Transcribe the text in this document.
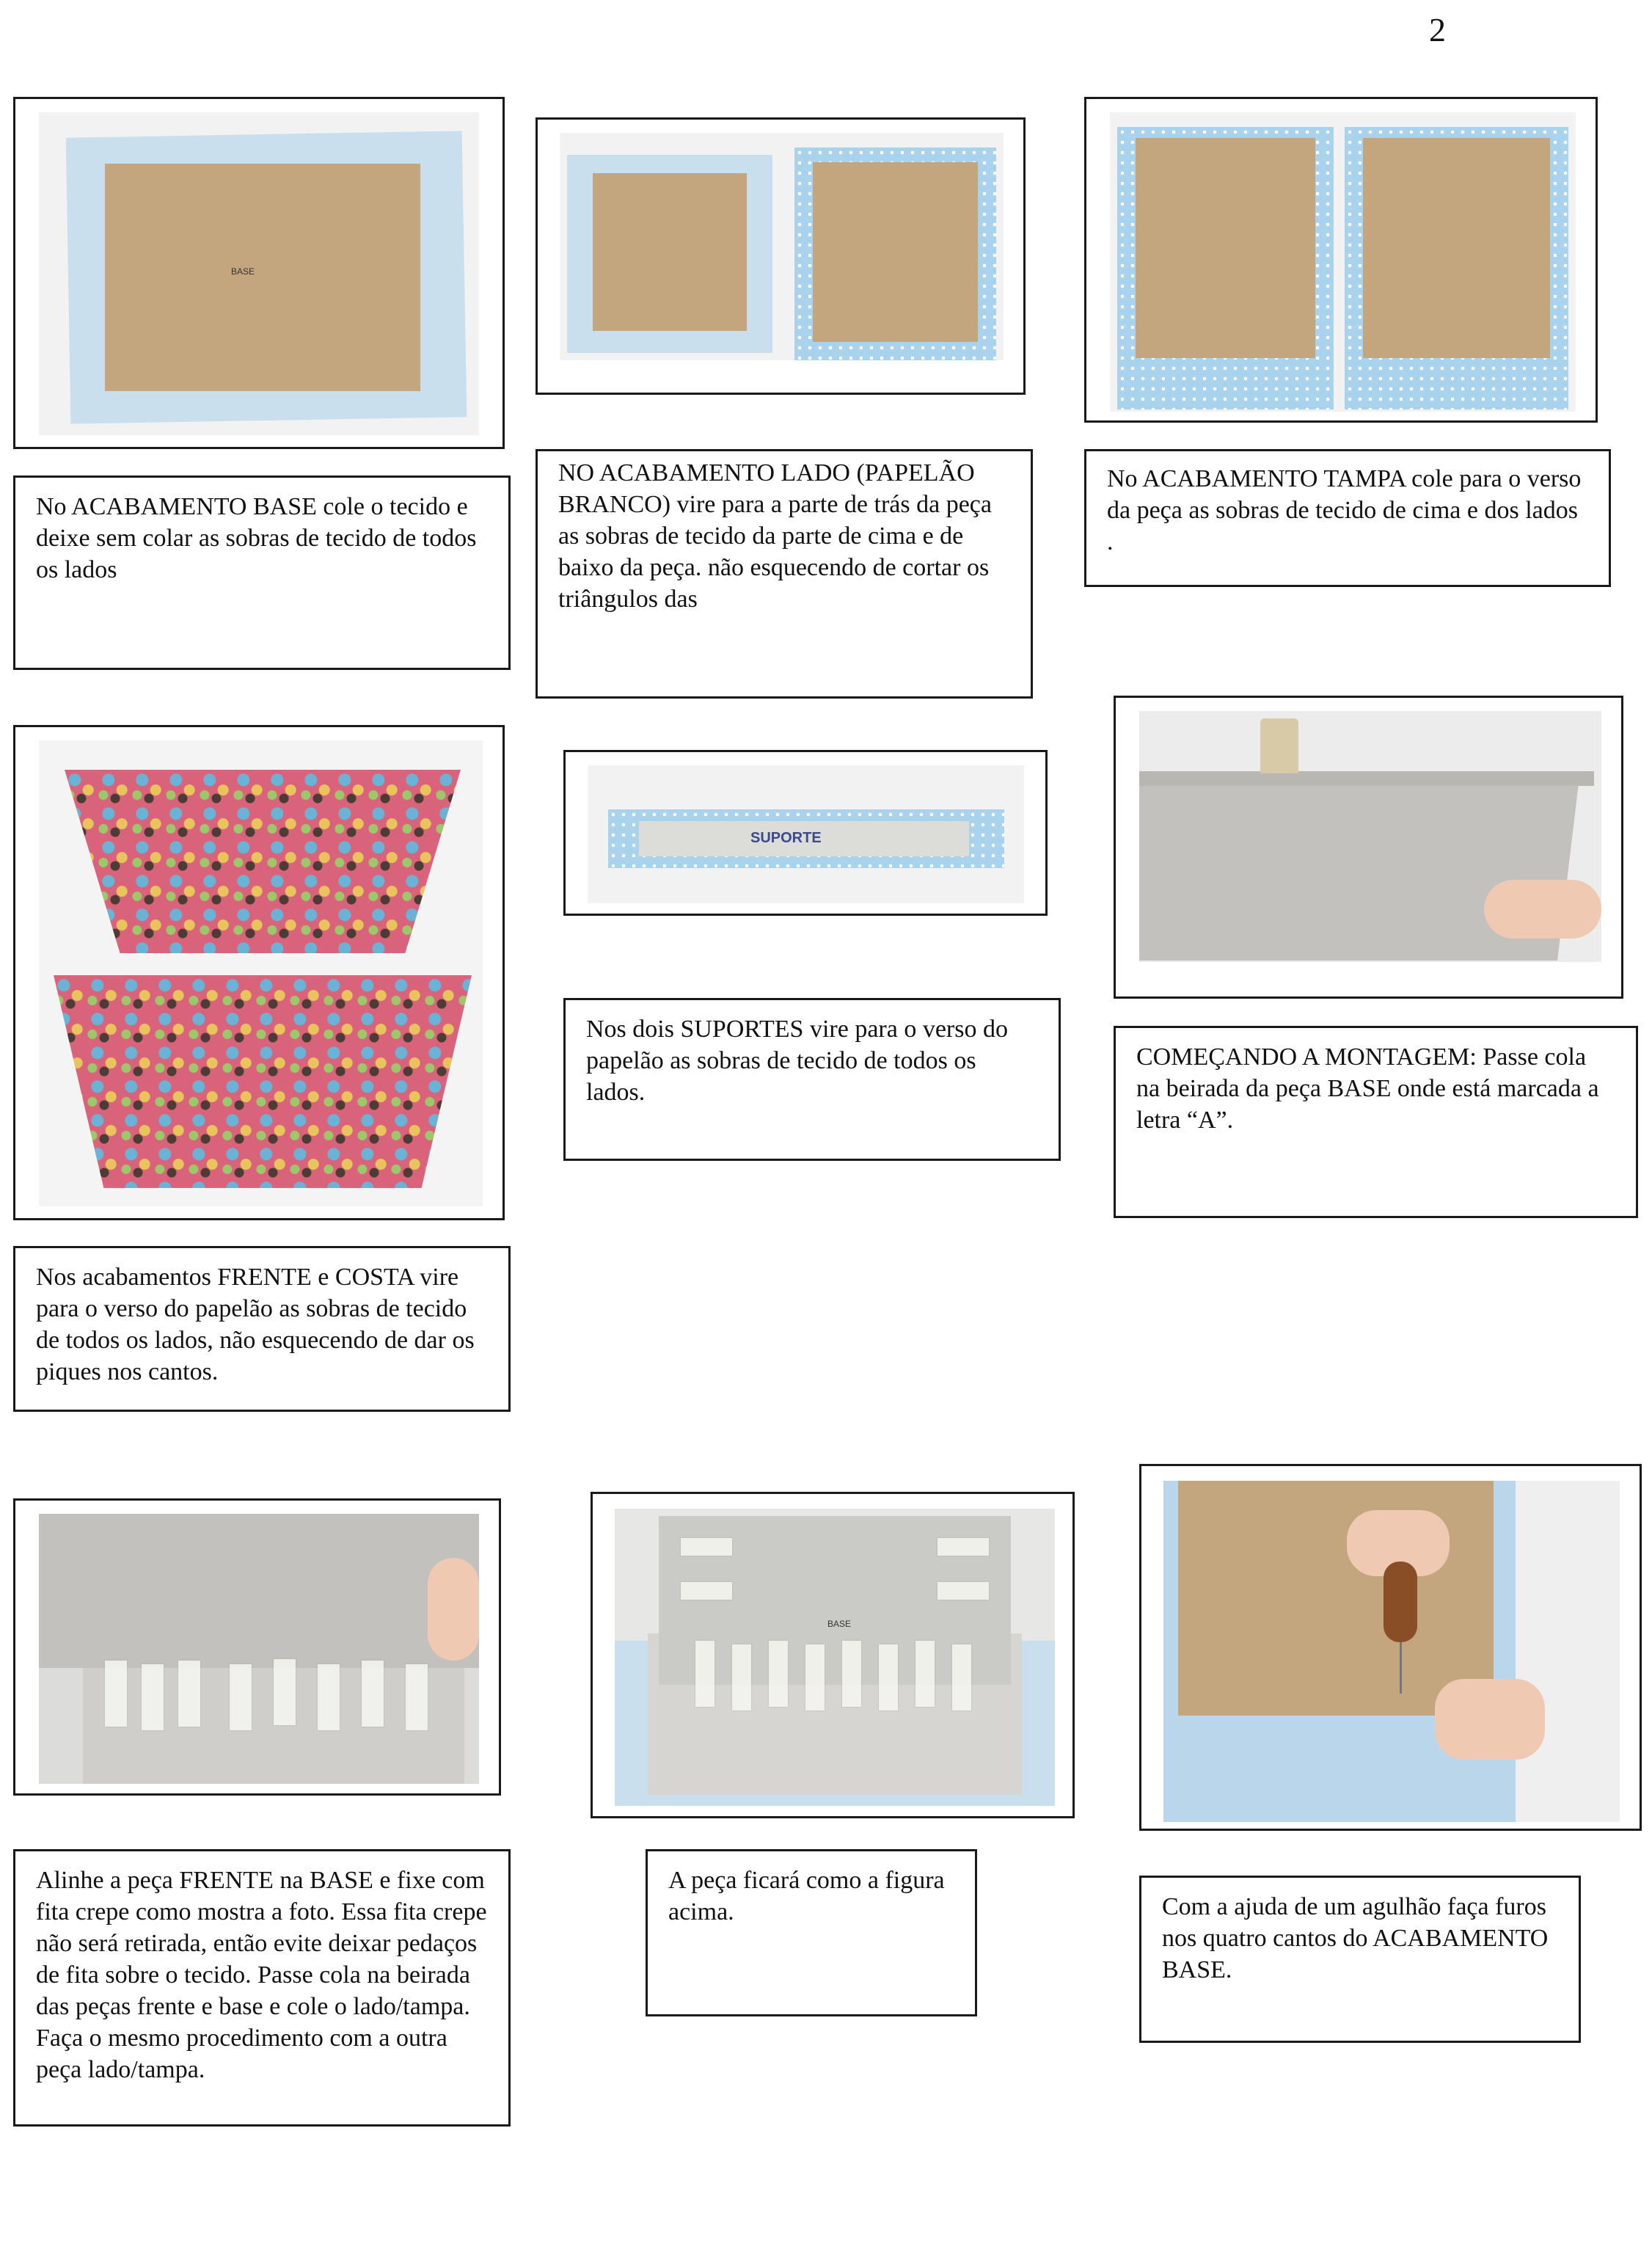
2
BASE
No ACABAMENTO BASE cole o tecido e deixe sem colar as sobras de tecido de todos os lados
NO ACABAMENTO LADO (PAPELÃO BRANCO) vire para a parte de trás da peça as sobras de tecido da parte de cima e de baixo da peça. não esquecendo de cortar os triângulos das
No ACABAMENTO TAMPA cole para o verso da peça as sobras de tecido de cima e dos lados .
SUPORTE
Nos dois SUPORTES vire para o verso do papelão as sobras de tecido de todos os lados.
COMEÇANDO A MONTAGEM: Passe cola na beirada da peça BASE onde está marcada a letra “A”.
Nos acabamentos FRENTE e COSTA vire para o verso do papelão as sobras de tecido de todos os lados, não esquecendo de dar os piques nos cantos.
BASE
Alinhe a peça FRENTE na BASE e fixe com fita crepe como mostra a foto. Essa fita crepe não será retirada, então evite deixar pedaços de fita sobre o tecido. Passe cola na beirada das peças frente e base e cole o lado/tampa. Faça o mesmo procedimento com a outra peça lado/tampa.
A peça ficará como a figura acima.	Com a ajuda de um agulhão faça furos nos quatro cantos do ACABAMENTO BASE.
